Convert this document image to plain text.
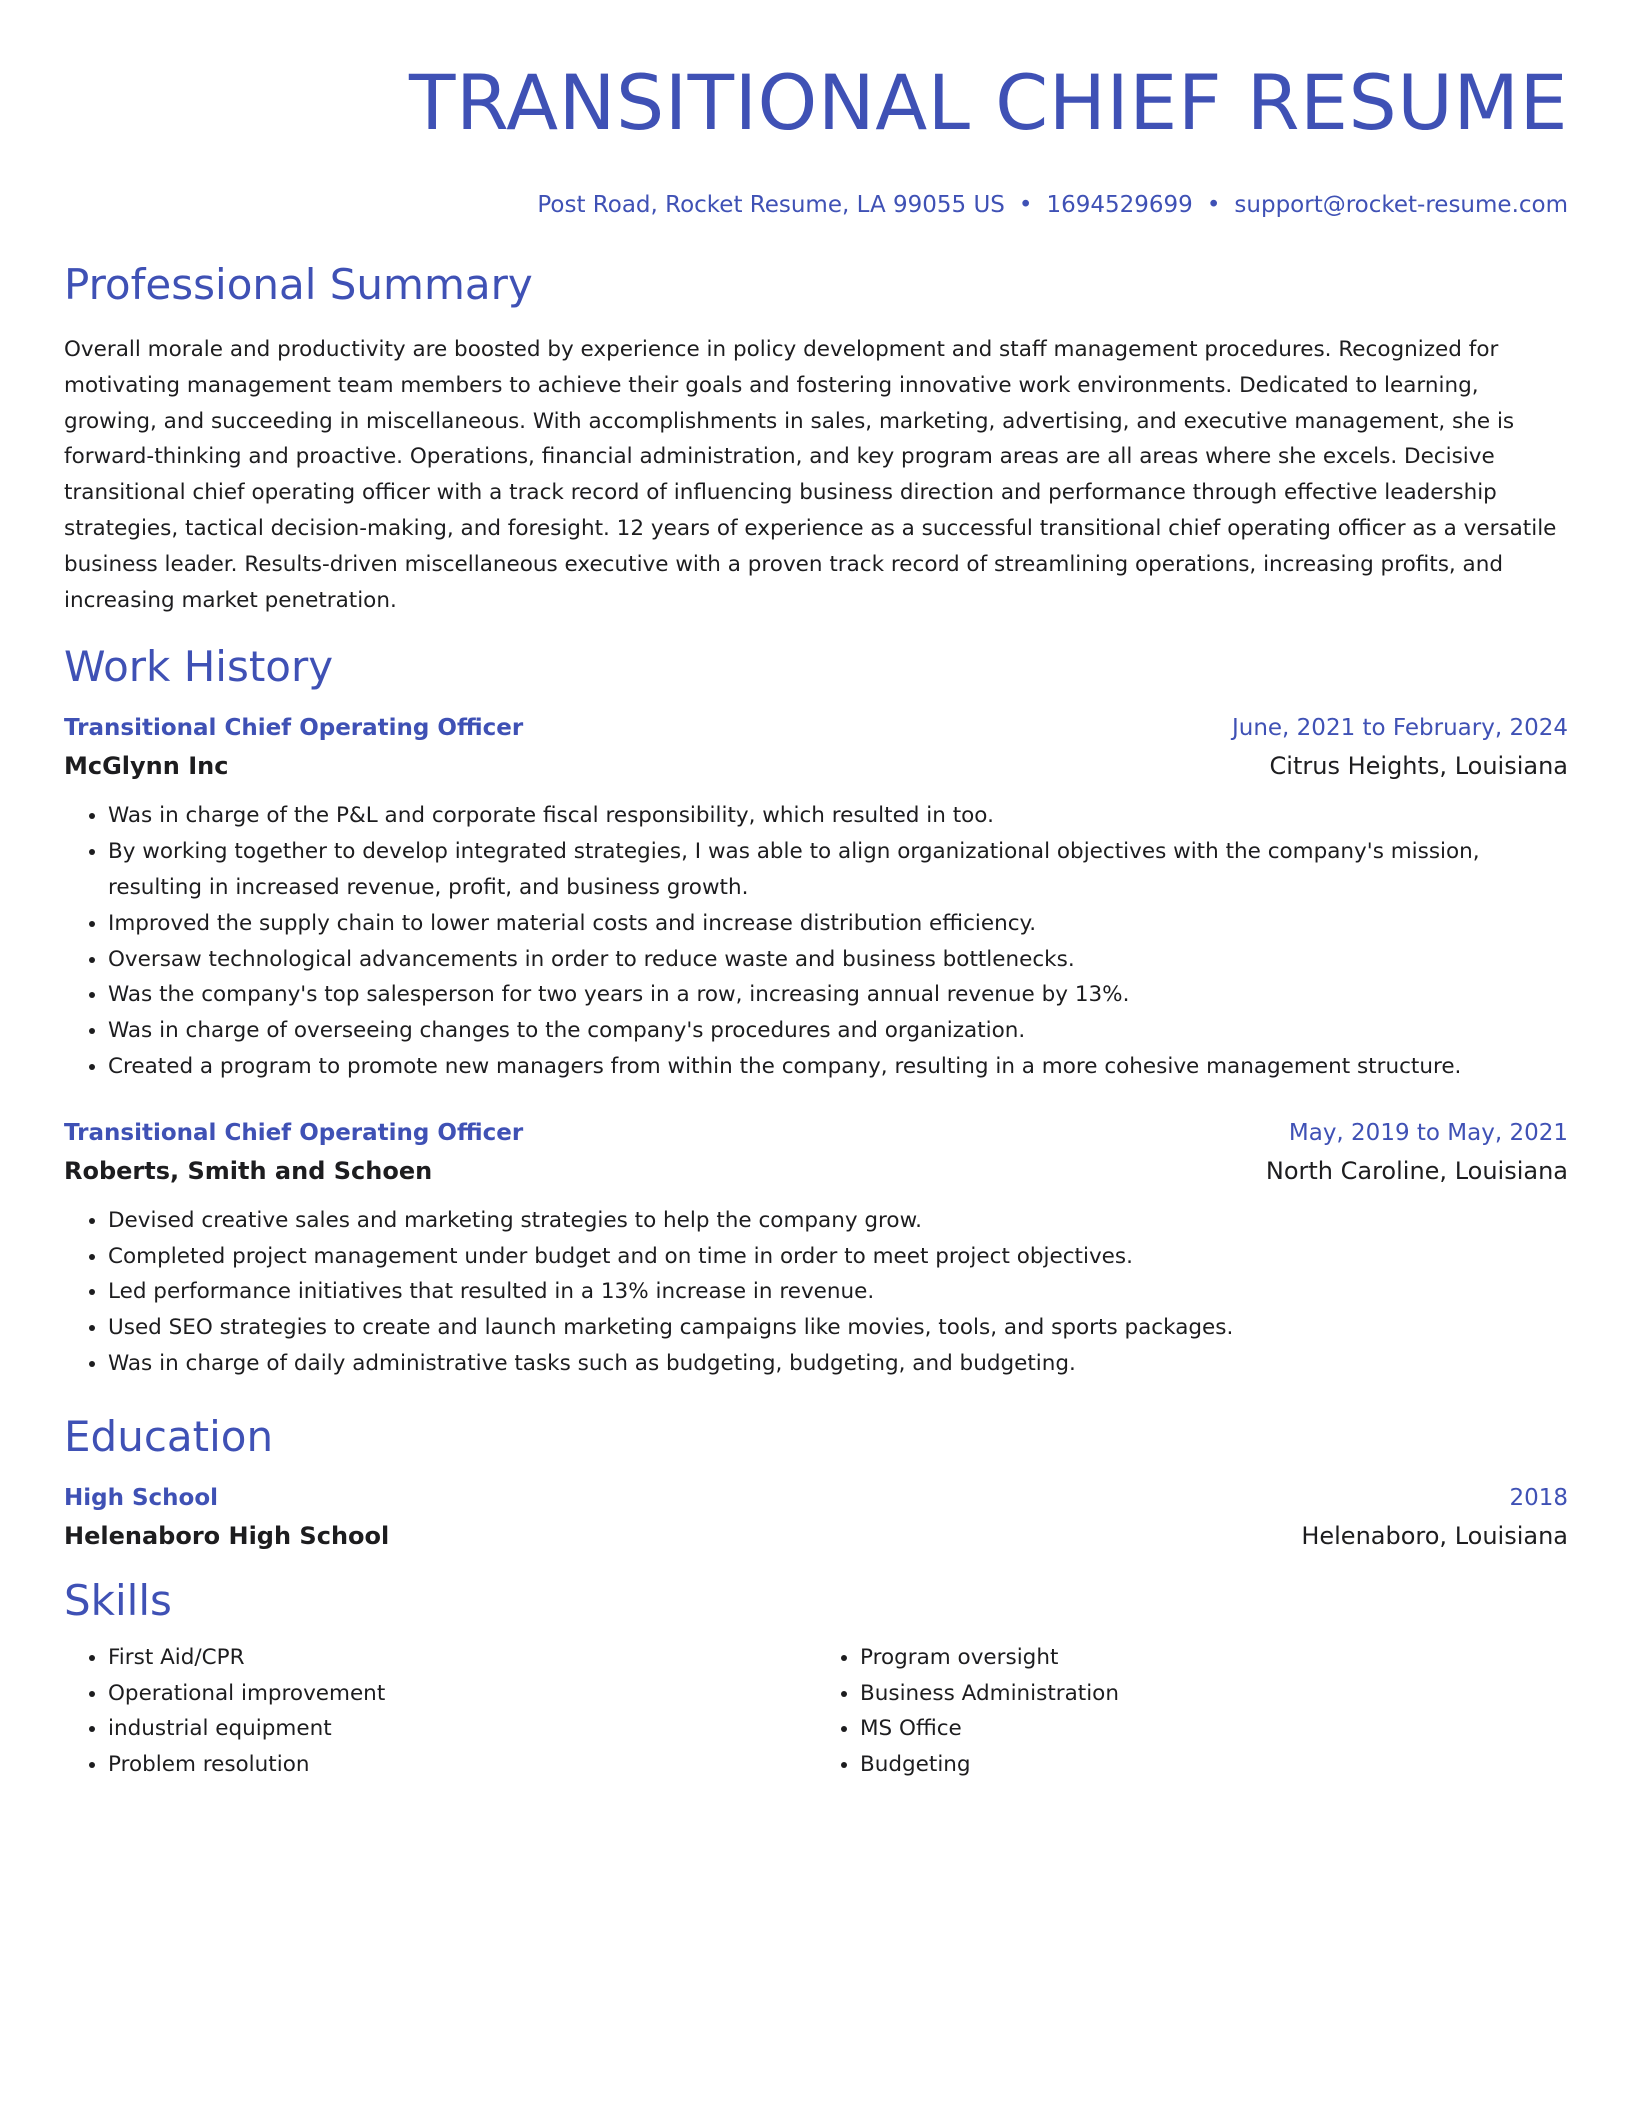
TRANSITIONAL CHIEF RESUME
Post Road, Rocket Resume, LA 99055 US • 1694529699 • support@rocket-resume.com
Professional Summary
Overall morale and productivity are boosted by experience in policy development and staff management procedures. Recognized for motivating management team members to achieve their goals and fostering innovative work environments. Dedicated to learning, growing, and succeeding in miscellaneous. With accomplishments in sales, marketing, advertising, and executive management, she is forward-thinking and proactive. Operations, financial administration, and key program areas are all areas where she excels. Decisive transitional chief operating officer with a track record of influencing business direction and performance through effective leadership strategies, tactical decision-making, and foresight. 12 years of experience as a successful transitional chief operating officer as a versatile business leader. Results-driven miscellaneous executive with a proven track record of streamlining operations, increasing profits, and increasing market penetration.
Work History
Transitional Chief Operating Officer	June, 2021 to February, 2024
McGlynn Inc	Citrus Heights, Louisiana
• Was in charge of the P&L and corporate fiscal responsibility, which resulted in too.
• By working together to develop integrated strategies, I was able to align organizational objectives with the company's mission, resulting in increased revenue, profit, and business growth.
• Improved the supply chain to lower material costs and increase distribution efficiency.
• Oversaw technological advancements in order to reduce waste and business bottlenecks.
• Was the company's top salesperson for two years in a row, increasing annual revenue by 13%.
• Was in charge of overseeing changes to the company's procedures and organization.
• Created a program to promote new managers from within the company, resulting in a more cohesive management structure.
Transitional Chief Operating Officer	May, 2019 to May, 2021
Roberts, Smith and Schoen	North Caroline, Louisiana
• Devised creative sales and marketing strategies to help the company grow.
• Completed project management under budget and on time in order to meet project objectives.
• Led performance initiatives that resulted in a 13% increase in revenue.
• Used SEO strategies to create and launch marketing campaigns like movies, tools, and sports packages.
• Was in charge of daily administrative tasks such as budgeting, budgeting, and budgeting.
Education
High School	2018
Helenaboro High School	Helenaboro, Louisiana
Skills
• First Aid/CPR
• Operational improvement
• industrial equipment
• Problem resolution
• Program oversight
• Business Administration
• MS Office
• Budgeting
